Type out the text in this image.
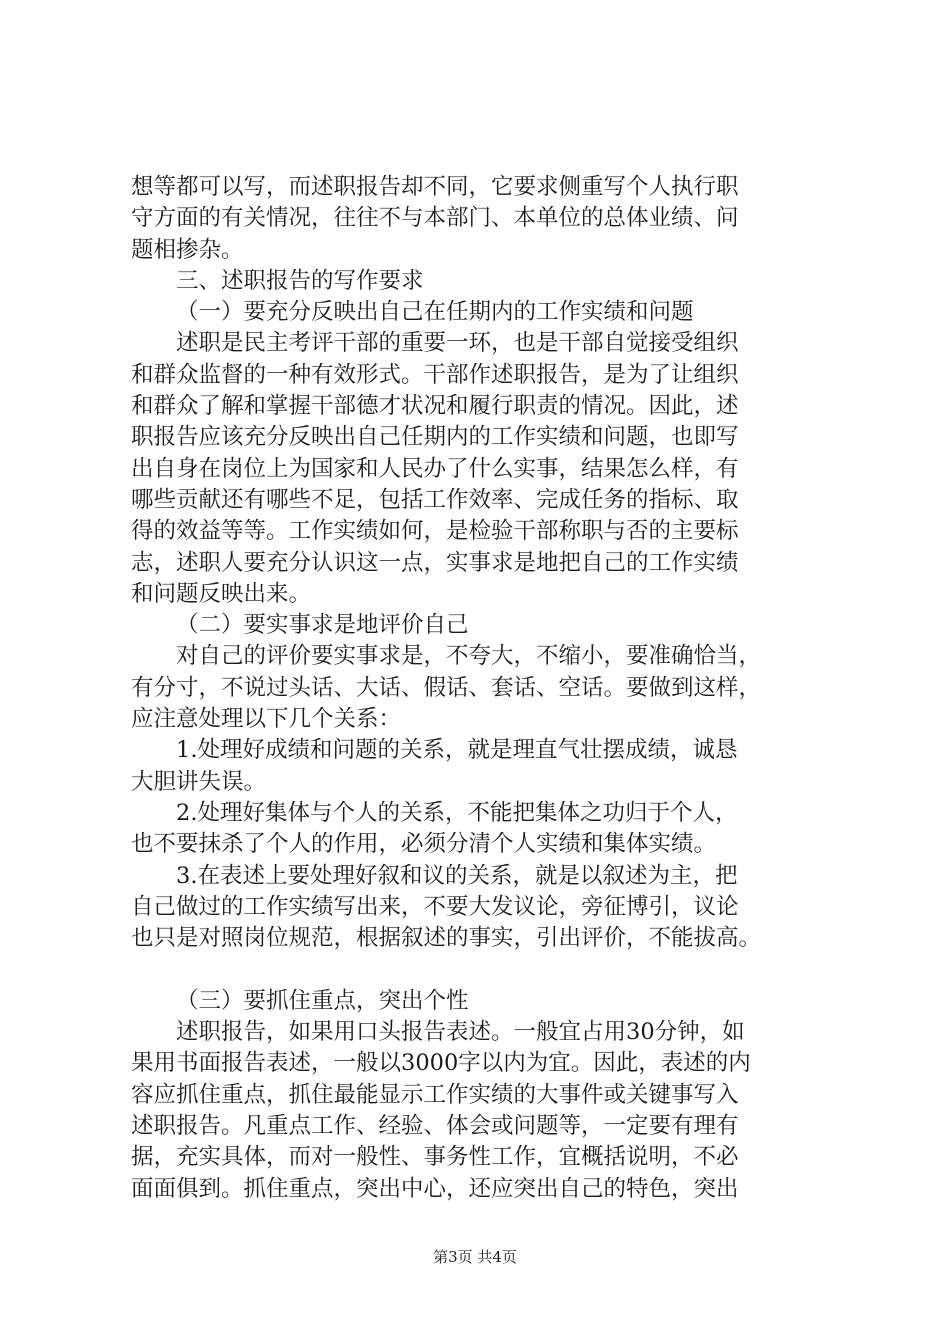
想等都可以写，而述职报告却不同，它要求侧重写个人执行职
守方面的有关情况，往往不与本部门、本单位的总体业绩、问
题相掺杂。
三、述职报告的写作要求
（一）要充分反映出自己在任期内的工作实绩和问题
述职是民主考评干部的重要一环，也是干部自觉接受组织
和群众监督的一种有效形式。干部作述职报告，是为了让组织
和群众了解和掌握干部德才状况和履行职责的情况。因此，述
职报告应该充分反映出自己任期内的工作实绩和问题，也即写
出自身在岗位上为国家和人民办了什么实事，结果怎么样，有
哪些贡献还有哪些不足，包括工作效率、完成任务的指标、取
得的效益等等。工作实绩如何，是检验干部称职与否的主要标
志，述职人要充分认识这一点，实事求是地把自己的工作实绩
和问题反映出来。
（二）要实事求是地评价自己
对自己的评价要实事求是，不夸大，不缩小，要准确恰当，
有分寸，不说过头话、大话、假话、套话、空话。要做到这样，
应注意处理以下几个关系：
1.处理好成绩和问题的关系，就是理直气壮摆成绩，诚恳
大胆讲失误。
2.处理好集体与个人的关系，不能把集体之功归于个人，
也不要抹杀了个人的作用，必须分清个人实绩和集体实绩。
3.在表述上要处理好叙和议的关系，就是以叙述为主，把
自己做过的工作实绩写出来，不要大发议论，旁征博引，议论
也只是对照岗位规范，根据叙述的事实，引出评价，不能拔高。
（三）要抓住重点，突出个性
述职报告，如果用口头报告表述。一般宜占用30分钟，如
果用书面报告表述，一般以3000字以内为宜。因此，表述的内
容应抓住重点，抓住最能显示工作实绩的大事件或关键事写入
述职报告。凡重点工作、经验、体会或问题等，一定要有理有
据，充实具体，而对一般性、事务性工作，宜概括说明，不必
面面俱到。抓住重点，突出中心，还应突出自己的特色，突出
第3页 共4页
